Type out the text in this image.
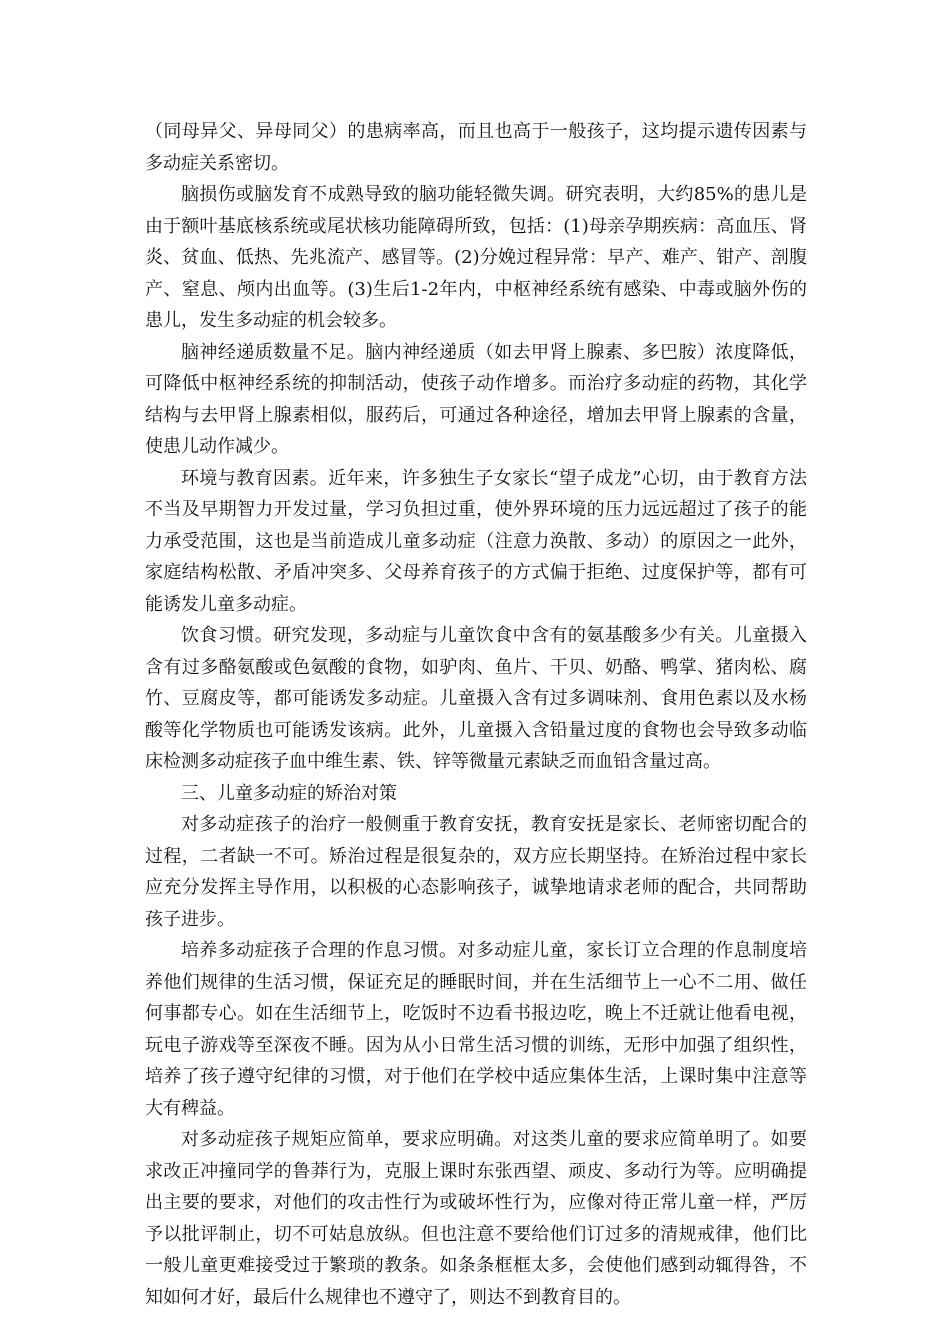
（同母异父、异母同父）的患病率高，而且也高于一般孩子，这均提示遗传因素与多动症关系密切。

脑损伤或脑发育不成熟导致的脑功能轻微失调。研究表明，大约85%的患儿是由于额叶基底核系统或尾状核功能障碍所致，包括：(1)母亲孕期疾病：高血压、肾炎、贫血、低热、先兆流产、感冒等。(2)分娩过程异常：早产、难产、钳产、剖腹产、窒息、颅内出血等。(3)生后1-2年内，中枢神经系统有感染、中毒或脑外伤的患儿，发生多动症的机会较多。

脑神经递质数量不足。脑内神经递质（如去甲肾上腺素、多巴胺）浓度降低，可降低中枢神经系统的抑制活动，使孩子动作增多。而治疗多动症的药物，其化学结构与去甲肾上腺素相似，服药后，可通过各种途径，增加去甲肾上腺素的含量，使患儿动作减少。

环境与教育因素。近年来，许多独生子女家长“望子成龙”心切，由于教育方法不当及早期智力开发过量，学习负担过重，使外界环境的压力远远超过了孩子的能力承受范围，这也是当前造成儿童多动症（注意力涣散、多动）的原因之一此外，家庭结构松散、矛盾冲突多、父母养育孩子的方式偏于拒绝、过度保护等，都有可能诱发儿童多动症。

饮食习惯。研究发现，多动症与儿童饮食中含有的氨基酸多少有关。儿童摄入含有过多酪氨酸或色氨酸的食物，如驴肉、鱼片、干贝、奶酪、鸭掌、猪肉松、腐竹、豆腐皮等，都可能诱发多动症。儿童摄入含有过多调味剂、食用色素以及水杨酸等化学物质也可能诱发该病。此外，儿童摄入含铅量过度的食物也会导致多动临床检测多动症孩子血中维生素、铁、锌等微量元素缺乏而血铅含量过高。

三、儿童多动症的矫治对策

对多动症孩子的治疗一般侧重于教育安抚，教育安抚是家长、老师密切配合的过程，二者缺一不可。矫治过程是很复杂的，双方应长期坚持。在矫治过程中家长应充分发挥主导作用，以积极的心态影响孩子，诚挚地请求老师的配合，共同帮助孩子进步。

培养多动症孩子合理的作息习惯。对多动症儿童，家长订立合理的作息制度培养他们规律的生活习惯，保证充足的睡眠时间，并在生活细节上一心不二用、做任何事都专心。如在生活细节上，吃饭时不边看书报边吃，晚上不迁就让他看电视，玩电子游戏等至深夜不睡。因为从小日常生活习惯的训练，无形中加强了组织性，培养了孩子遵守纪律的习惯，对于他们在学校中适应集体生活，上课时集中注意等大有稗益。

对多动症孩子规矩应简单，要求应明确。对这类儿童的要求应简单明了。如要求改正冲撞同学的鲁莽行为，克服上课时东张西望、顽皮、多动行为等。应明确提出主要的要求，对他们的攻击性行为或破坏性行为，应像对待正常儿童一样，严厉予以批评制止，切不可姑息放纵。但也注意不要给他们订过多的清规戒律，他们比一般儿童更难接受过于繁琐的教条。如条条框框太多，会使他们感到动辄得咎，不知如何才好，最后什么规律也不遵守了，则达不到教育目的。
